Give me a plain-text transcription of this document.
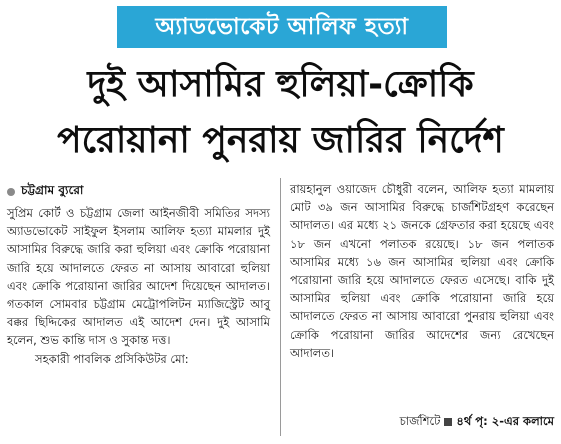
অ্যাডভোকেট আলিফ হত্যা
দুই আসামির হুলিয়া-ক্রোকি
পরোয়ানা পুনরায় জারির নির্দেশ
চট্টগ্রাম ব্যুরো

সুপ্রিম কোর্ট ও চট্টগ্রাম জেলা আইনজীবী সমিতির সদস্য অ্যাডভোকেট সাইফুল ইসলাম আলিফ হত্যা মামলার দুই আসামির বিরুদ্ধে জারি করা হুলিয়া এবং ক্রোকি পরোয়ানা জারি হয়ে আদালতে ফেরত না আসায় আবারো হুলিয়া এবং ক্রোকি পরোয়ানা জারির আদেশ দিয়েছেন আদালত। গতকাল সোমবার চট্টগ্রাম মেট্রোপলিটন ম্যাজিস্ট্রেট আবু বক্কর ছিদ্দিকের আদালত এই আদেশ দেন। দুই আসামি হলেন, শুভ কান্তি দাস ও সুকান্ত দত্ত।

সহকারী পাবলিক প্রসিকিউটর মো:

রায়হানুল ওয়াজেদ চৌধুরী বলেন, আলিফ হত্যা মামলায় মোট ৩৯ জন আসামির বিরুদ্ধে চার্জশিটগ্রহণ করেছেন আদালত। এর মধ্যে ২১ জনকে গ্রেফতার করা হয়েছে এবং ১৮ জন এখনো পলাতক রয়েছে। ১৮ জন পলাতক আসামির মধ্যে ১৬ জন আসামির হুলিয়া এবং ক্রোকি পরোয়ানা জারি হয়ে আদালতে ফেরত এসেছে। বাকি দুই আসামির হুলিয়া এবং ক্রোকি পরোয়ানা জারি হয়ে আদালতে ফেরত না আসায় আবারো পুনরায় হুলিয়া এবং ক্রোকি পরোয়ানা জারির আদেশের জন্য রেখেছেন আদালত।

চার্জশিটে ৪র্থ পৃ: ২-এর কলামে
